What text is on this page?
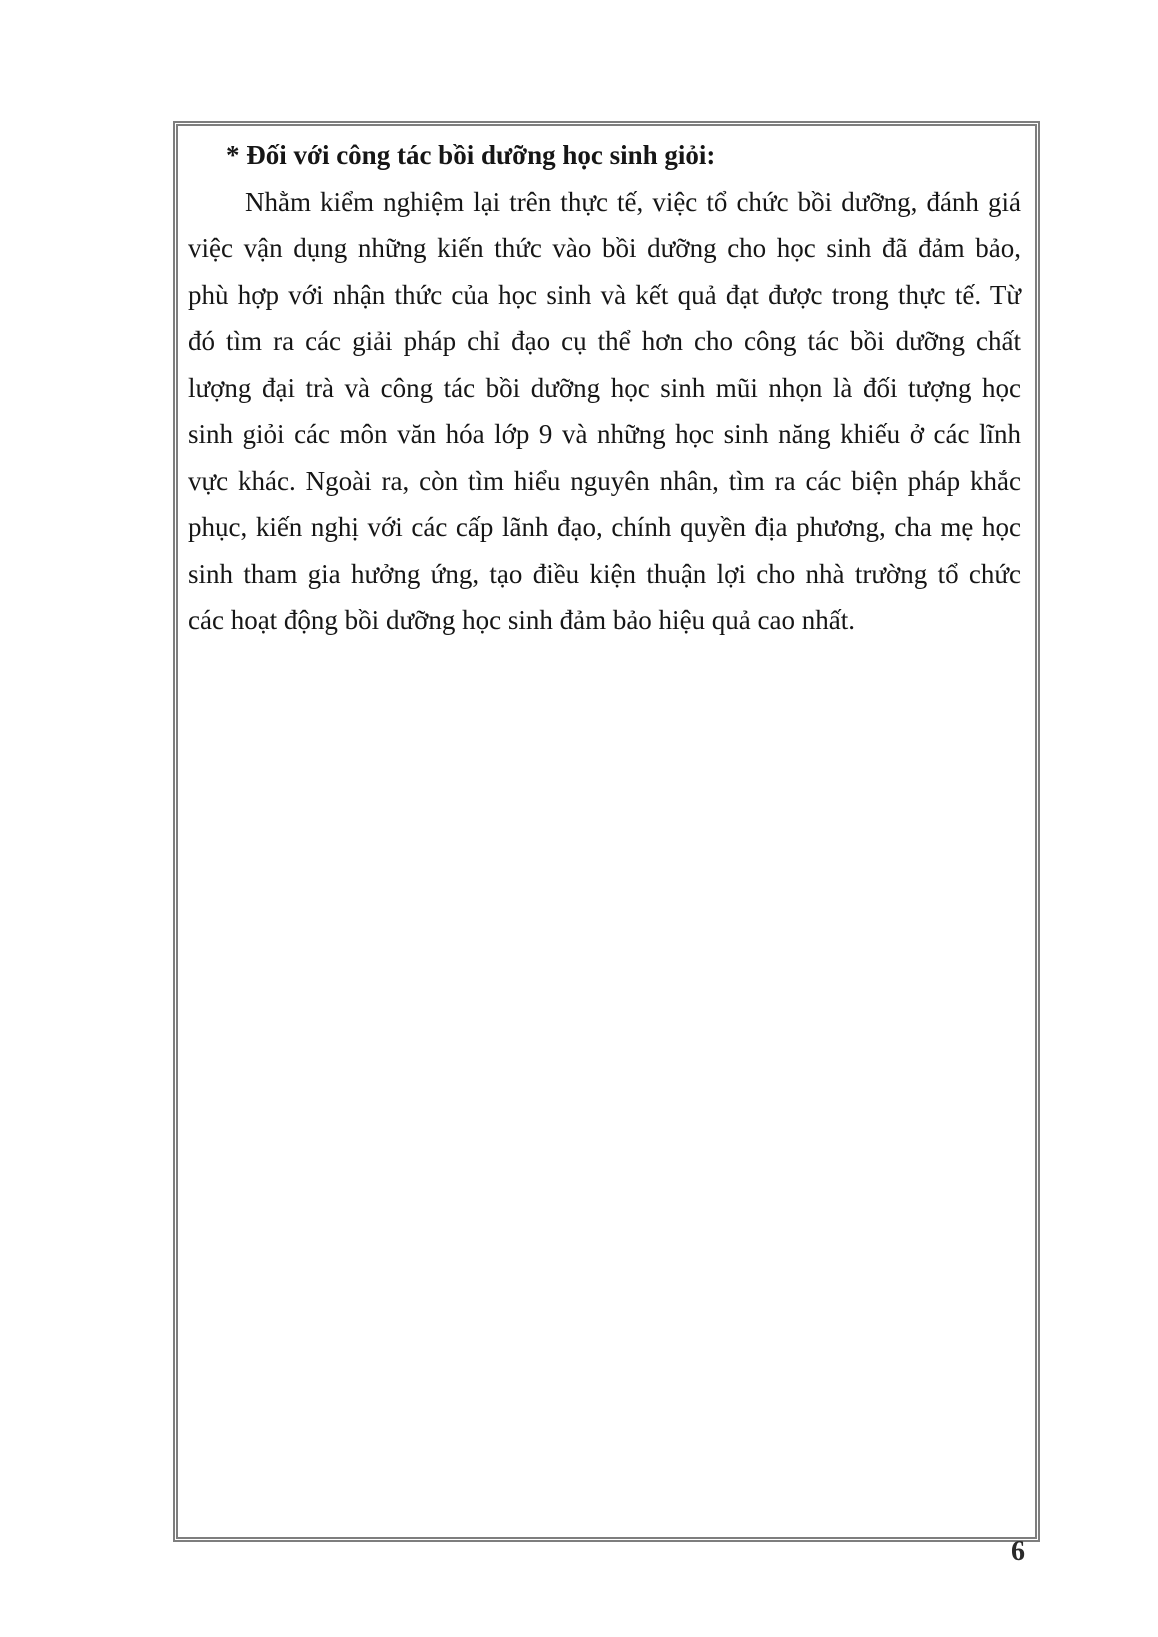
* Đối với công tác bồi dưỡng học sinh giỏi:
Nhằm kiểm nghiệm lại trên thực tế, việc tổ chức bồi dưỡng, đánh giá
việc vận dụng những kiến thức vào bồi dưỡng cho học sinh đã đảm bảo,
phù hợp với nhận thức của học sinh và kết quả đạt được trong thực tế. Từ
đó tìm ra các giải pháp chỉ đạo cụ thể hơn cho công tác bồi dưỡng chất
lượng đại trà và công tác bồi dưỡng học sinh mũi nhọn là đối tượng học
sinh giỏi các môn văn hóa lớp 9 và những học sinh năng khiếu ở các lĩnh
vực khác. Ngoài ra, còn tìm hiểu nguyên nhân, tìm ra các biện pháp khắc
phục, kiến nghị với các cấp lãnh đạo, chính quyền địa phương, cha mẹ học
sinh tham gia hưởng ứng, tạo điều kiện thuận lợi cho nhà trường tổ chức
các hoạt động bồi dưỡng học sinh đảm bảo hiệu quả cao nhất.
6
